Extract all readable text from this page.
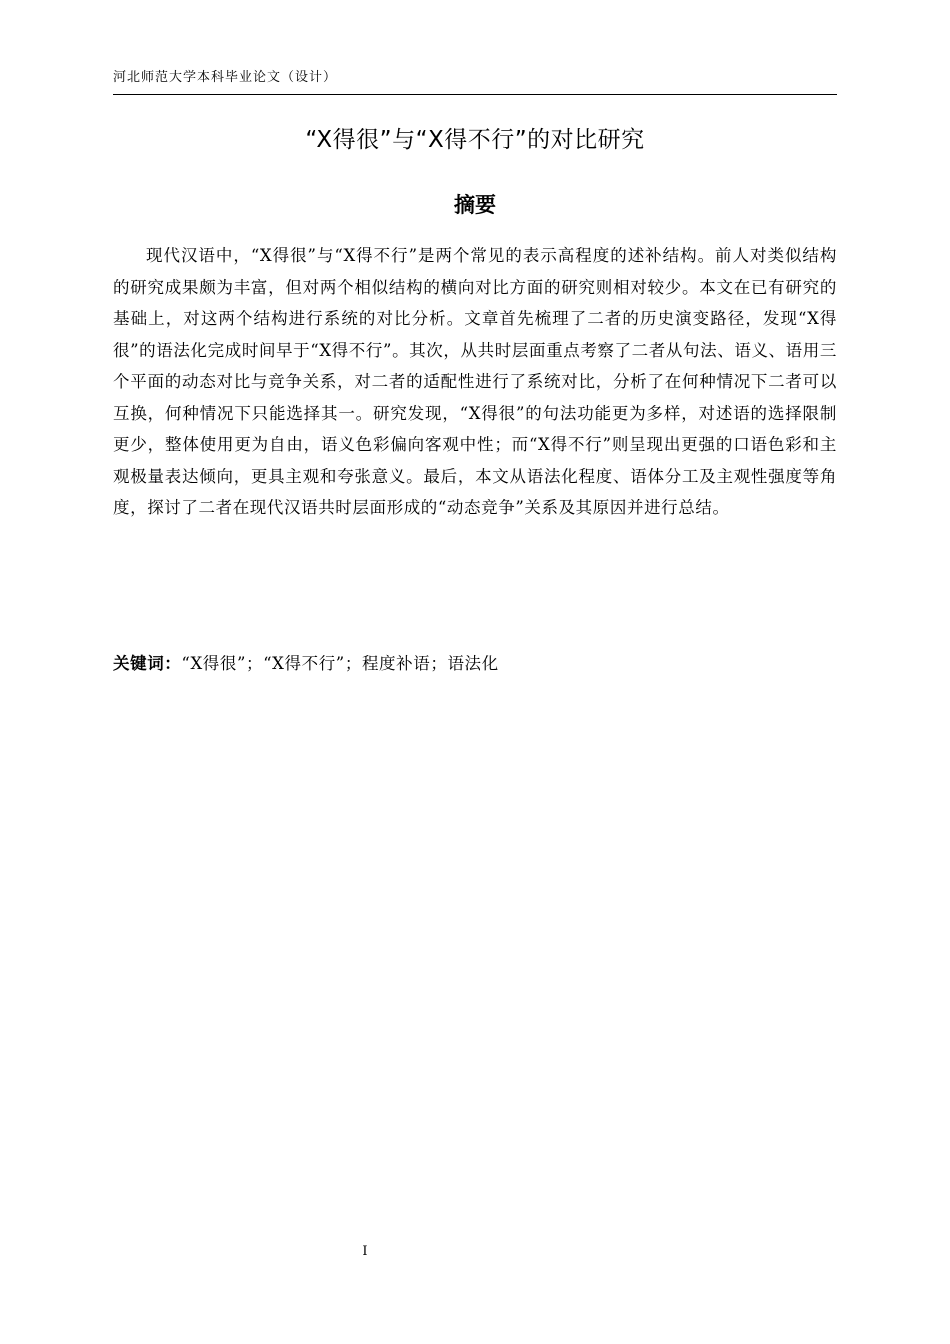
河北师范大学本科毕业论文（设计）
“X得很”与“X得不行”的对比研究
摘要

现代汉语中，“X得很”与“X得不行”是两个常见的表示高程度的述补结构。前人对类似结构的研究成果颇为丰富，但对两个相似结构的横向对比方面的研究则相对较少。本文在已有研究的基础上，对这两个结构进行系统的对比分析。文章首先梳理了二者的历史演变路径，发现“X得很”的语法化完成时间早于“X得不行”。其次，从共时层面重点考察了二者从句法、语义、语用三个平面的动态对比与竞争关系，对二者的适配性进行了系统对比，分析了在何种情况下二者可以互换，何种情况下只能选择其一。研究发现，“X得很”的句法功能更为多样，对述语的选择限制更少，整体使用更为自由，语义色彩偏向客观中性；而“X得不行”则呈现出更强的口语色彩和主观极量表达倾向，更具主观和夸张意义。最后，本文从语法化程度、语体分工及主观性强度等角度，探讨了二者在现代汉语共时层面形成的“动态竞争”关系及其原因并进行总结。

关键词：“X得很”；“X得不行”；程度补语；语法化
I
